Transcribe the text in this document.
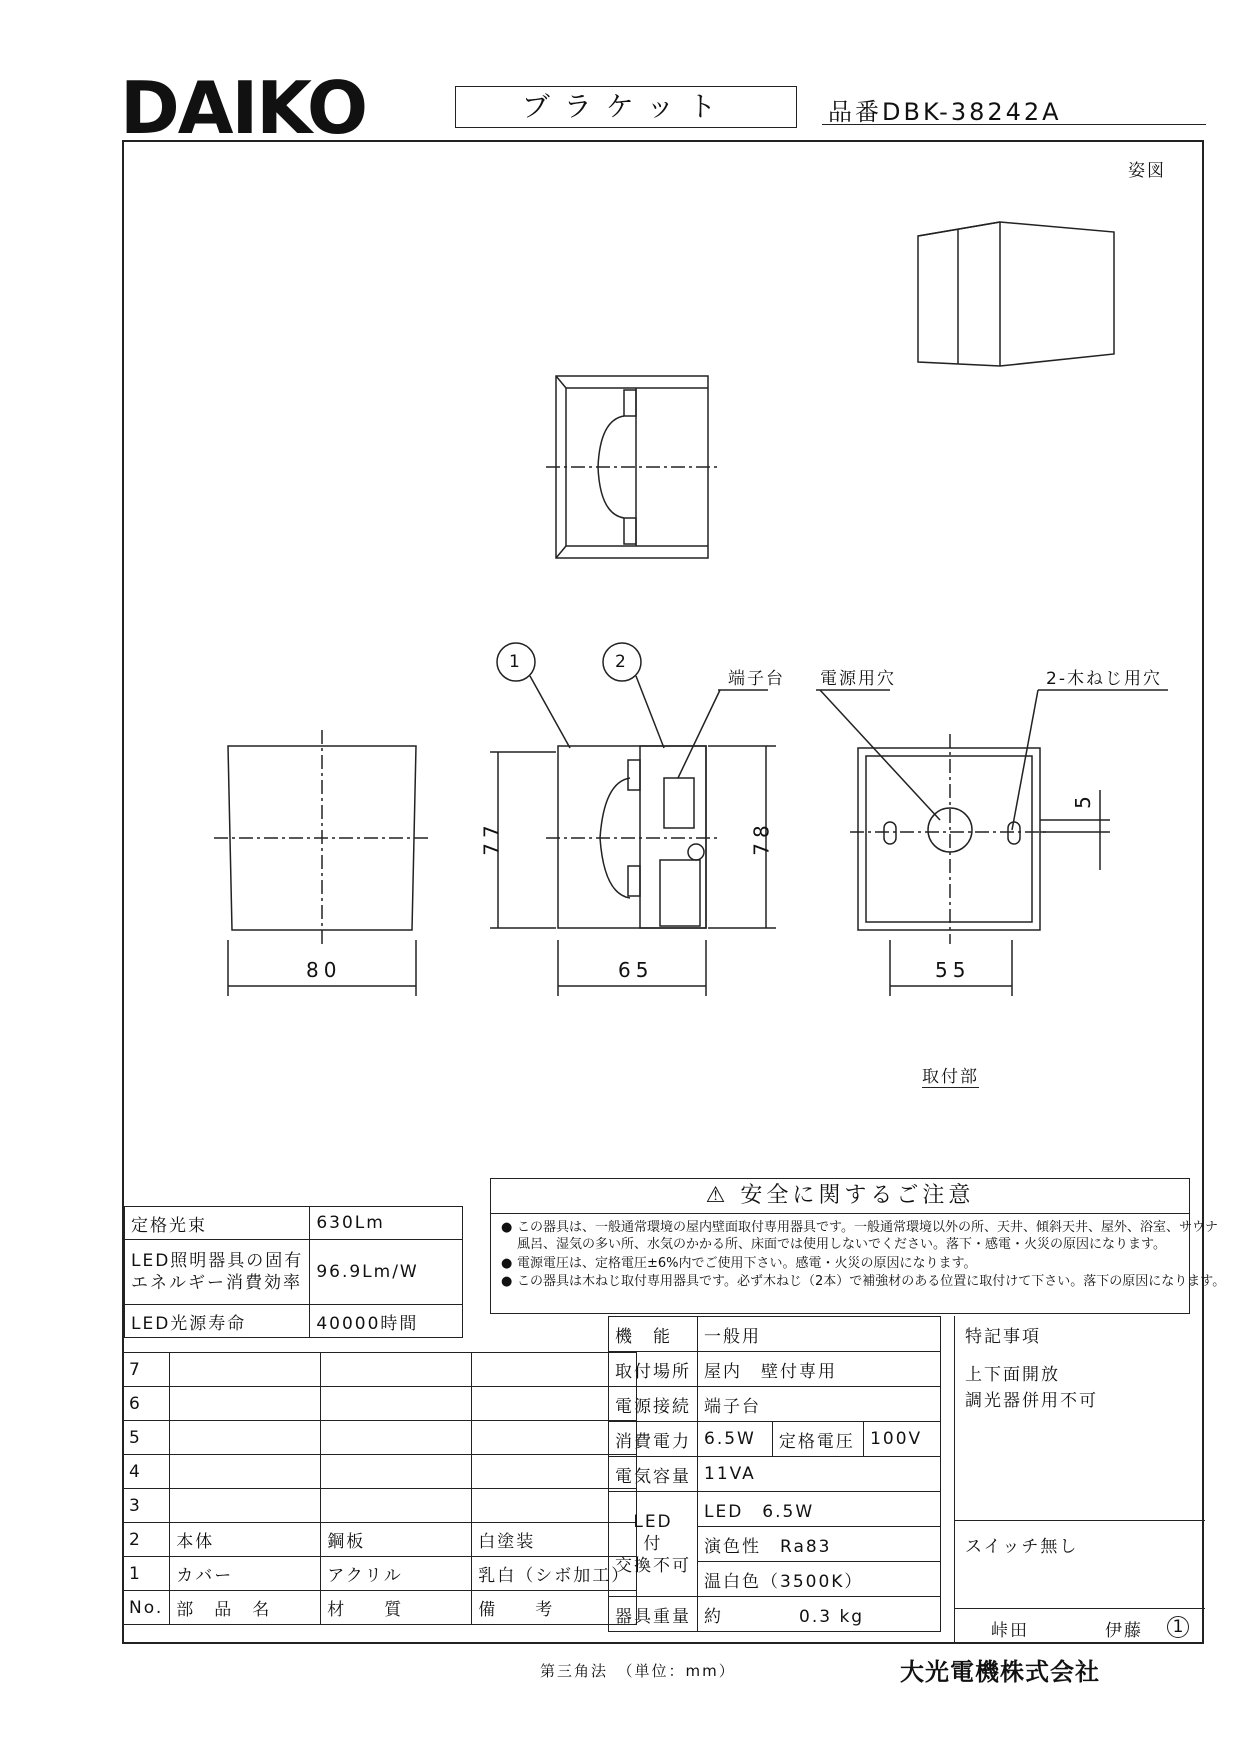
DAIKO	ブラケット	品番DBK-38242A
姿図
1	2
端子台 電源用穴	2-木ねじ用穴
80	65	55
77	78
5
取付部
⚠ 安全に関するご注意
● この器具は、一般通常環境の屋内壁面取付専用器具です。一般通常環境以外の所、天井、傾斜天井、屋外、浴室、サウナ
風呂、湿気の多い所、水気のかかる所、床面では使用しないでください。落下・感電・火災の原因になります。
● 電源電圧は、定格電圧±6%内でご使用下さい。感電・火災の原因になります。
● この器具は木ねじ取付専用器具です。必ず木ねじ（2本）で補強材のある位置に取付けて下さい。落下の原因になります。
定格光束	630Lm

LED照明器具の固有
エネルギー消費効率	96.9Lm/W
LED光源寿命	40000時間
7			
6			
5			
4			
3			
2	本体	鋼板	白塗装
1	カバー	アクリル	乳白（シボ加工）
No.	部　品　名	材　　質	備　　考
機　能	一般用		
取付場所	屋内　壁付専用		
電源接続	端子台		
消費電力	6.5W	定格電圧	100V
電気容量	11VA		

LED
付
交換不可	LED　6.5W		
	演色性　Ra83		
	温白色（3500K）		
器具重量	約　　　　 0.3 kg		
特記事項
上下面開放
調光器併用不可
スイッチ無し
峠田	伊藤	1
第三角法　（単位：mm）	大光電機株式会社
